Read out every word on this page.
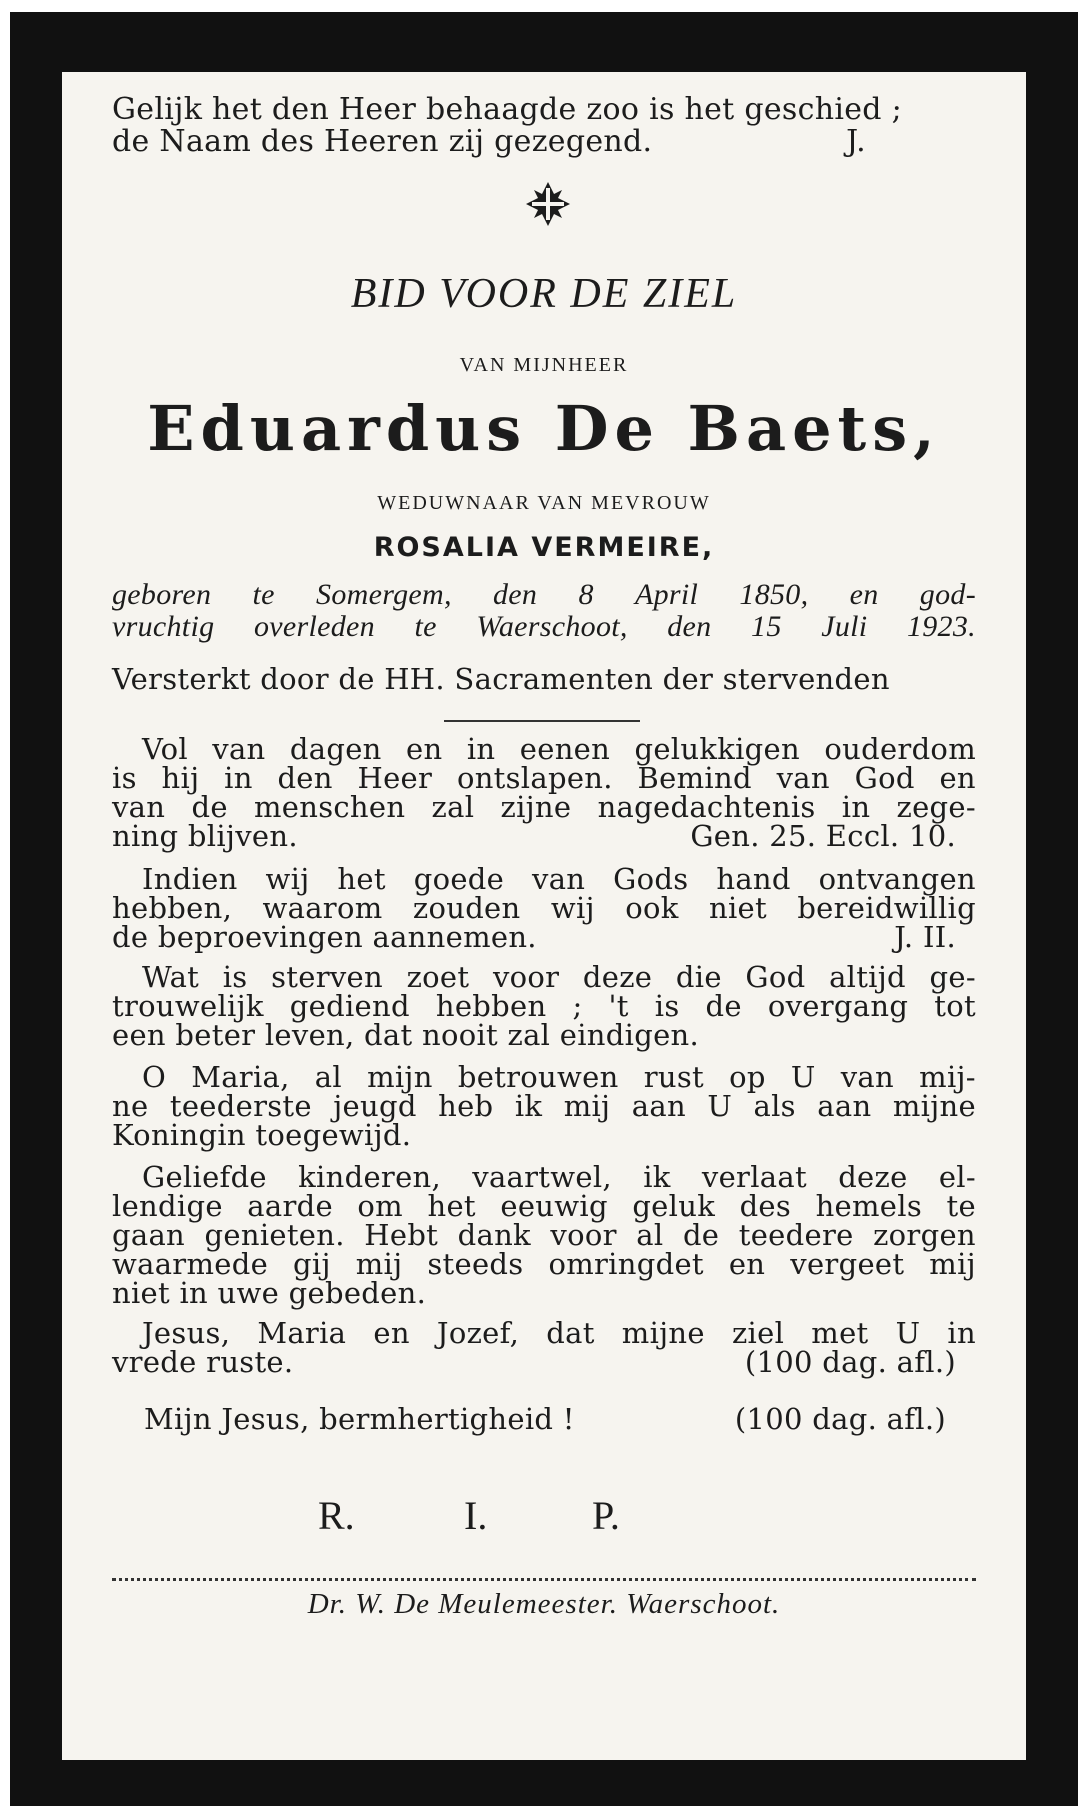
Gelijk het den Heer behaagde zoo is het geschied ;
de Naam des Heeren zij gezegend.	J.
BID VOOR DE ZIEL
VAN MIJNHEER
Eduardus De Baets,
WEDUWNAAR VAN MEVROUW
ROSALIA VERMEIRE,
geboren te Somergem, den 8 April 1850, en god-
vruchtig overleden te Waerschoot, den 15 Juli 1923.
Versterkt door de HH. Sacramenten der stervenden
Vol van dagen en in eenen gelukkigen ouderdom
is hij in den Heer ontslapen. Bemind van God en
van de menschen zal zijne nagedachtenis in zege-
ning blijven.	Gen. 25. Eccl. 10.
Indien wij het goede van Gods hand ontvangen
hebben, waarom zouden wij ook niet bereidwillig
de beproevingen aannemen.	J. II.
Wat is sterven zoet voor deze die God altijd ge-
trouwelijk gediend hebben ; 't is de overgang tot
een beter leven, dat nooit zal eindigen.
O Maria, al mijn betrouwen rust op U van mij-
ne teederste jeugd heb ik mij aan U als aan mijne
Koningin toegewijd.
Geliefde kinderen, vaartwel, ik verlaat deze el-
lendige aarde om het eeuwig geluk des hemels te
gaan genieten. Hebt dank voor al de teedere zorgen
waarmede gij mij steeds omringdet en vergeet mij
niet in uwe gebeden.
Jesus, Maria en Jozef, dat mijne ziel met U in
vrede ruste.	(100 dag. afl.)
Mijn Jesus, bermhertigheid !	(100 dag. afl.)
R.	I.	P.
Dr. W. De Meulemeester. Waerschoot.
